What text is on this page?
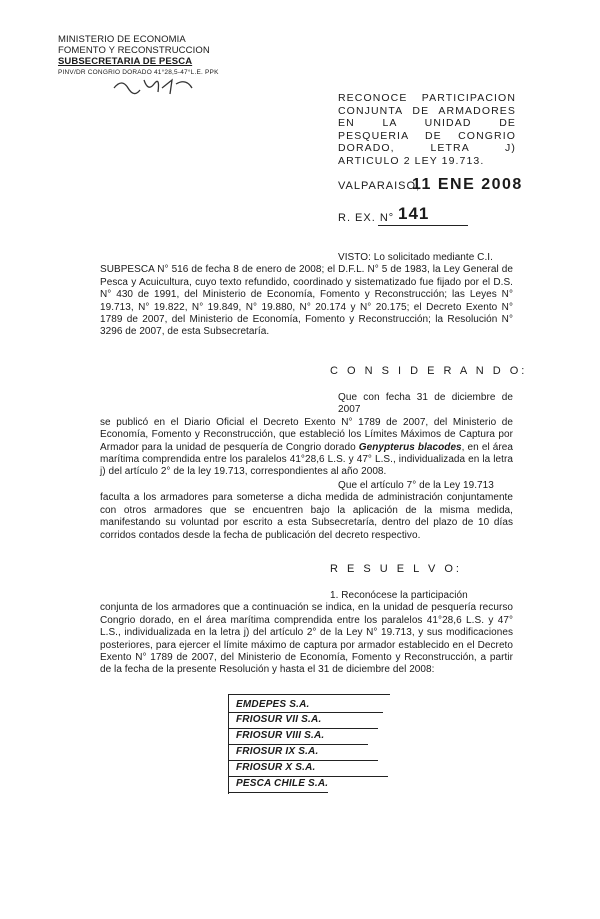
MINISTERIO DE ECONOMIA
FOMENTO Y RECONSTRUCCION
SUBSECRETARIA DE PESCA
PINV/DR CONGRIO DORADO 41°28,5-47°L.E. PPK
RECONOCE PARTICIPACION CONJUNTA DE ARMADORES EN LA UNIDAD DE PESQUERIA DE CONGRIO DORADO, LETRA J) ARTICULO 2 LEY 19.713.
VALPARAISO,
11 ENE 2008
R. EX. N° 141
VISTO: Lo solicitado mediante C.I.
SUBPESCA N° 516 de fecha 8 de enero de 2008; el D.F.L. N° 5 de 1983, la Ley General de Pesca y Acuicultura, cuyo texto refundido, coordinado y sistematizado fue fijado por el D.S. N° 430 de 1991, del Ministerio de Economía, Fomento y Reconstrucción; las Leyes N° 19.713, N° 19.822, N° 19.849, N° 19.880, N° 20.174 y N° 20.175; el Decreto Exento N° 1789 de 2007, del Ministerio de Economía, Fomento y Reconstrucción; la Resolución N° 3296 de 2007, de esta Subsecretaría.
C O N S I D E R A N D O:
Que con fecha 31 de diciembre de 2007
se publicó en el Diario Oficial el Decreto Exento N° 1789 de 2007, del Ministerio de Economía, Fomento y Reconstrucción, que estableció los Límites Máximos de Captura por Armador para la unidad de pesquería de Congrio dorado Genypterus blacodes, en el área marítima comprendida entre los paralelos 41°28,6 L.S. y 47° L.S., individualizada en la letra j) del artículo 2° de la ley 19.713, correspondientes al año 2008.
Que el artículo 7° de la Ley 19.713
faculta a los armadores para someterse a dicha medida de administración conjuntamente con otros armadores que se encuentren bajo la aplicación de la misma medida, manifestando su voluntad por escrito a esta Subsecretaría, dentro del plazo de 10 días corridos contados desde la fecha de publicación del decreto respectivo.
R E S U E L V O:
1. Reconócese la participación
conjunta de los armadores que a continuación se indica, en la unidad de pesquería recurso Congrio dorado, en el área marítima comprendida entre los paralelos 41°28,6 L.S. y 47° L.S., individualizada en la letra j) del artículo 2° de la Ley N° 19.713, y sus modificaciones posteriores, para ejercer el límite máximo de captura por armador establecido en el Decreto Exento N° 1789 de 2007, del Ministerio de Economía, Fomento y Reconstrucción, a partir de la fecha de la presente Resolución y hasta el 31 de diciembre del 2008:
EMDEPES S.A.
FRIOSUR VII S.A.
FRIOSUR VIII S.A.
FRIOSUR IX S.A.
FRIOSUR X S.A.
PESCA CHILE S.A.
